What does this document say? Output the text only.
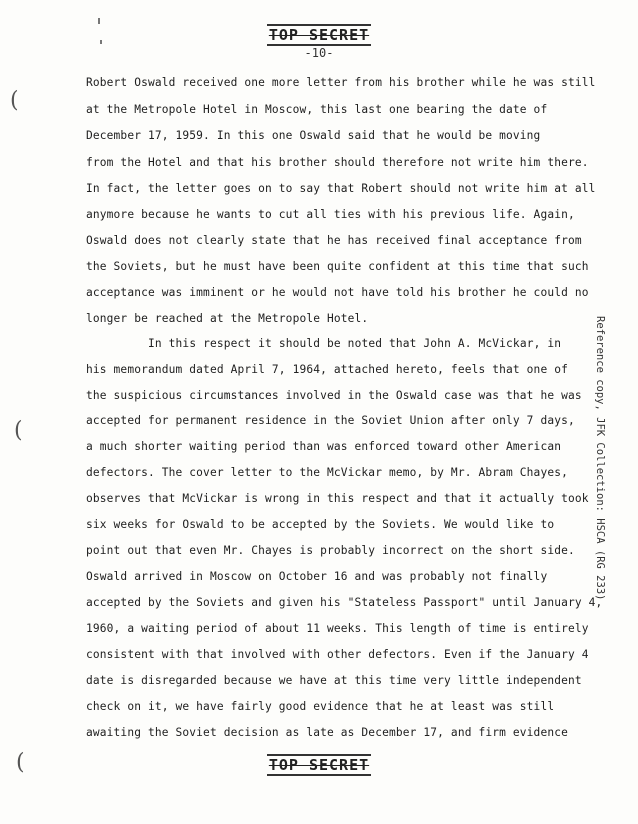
TOP SECRET
-10-
Robert Oswald received one more letter from his brother while he was still
at the Metropole Hotel in Moscow, this last one bearing the date of
December 17, 1959. In this one Oswald said that he would be moving
from the Hotel and that his brother should therefore not write him there.
In fact, the letter goes on to say that Robert should not write him at all
anymore because he wants to cut all ties with his previous life. Again,
Oswald does not clearly state that he has received final acceptance from
the Soviets, but he must have been quite confident at this time that such
acceptance was imminent or he would not have told his brother he could no
longer be reached at the Metropole Hotel.
In this respect it should be noted that John A. McVickar, in
his memorandum dated April 7, 1964, attached hereto, feels that one of
the suspicious circumstances involved in the Oswald case was that he was
accepted for permanent residence in the Soviet Union after only 7 days,
a much shorter waiting period than was enforced toward other American
defectors. The cover letter to the McVickar memo, by Mr. Abram Chayes,
observes that McVickar is wrong in this respect and that it actually took
six weeks for Oswald to be accepted by the Soviets. We would like to
point out that even Mr. Chayes is probably incorrect on the short side.
Oswald arrived in Moscow on October 16 and was probably not finally
accepted by the Soviets and given his "Stateless Passport" until January 4,
1960, a waiting period of about 11 weeks. This length of time is entirely
consistent with that involved with other defectors. Even if the January 4
date is disregarded because we have at this time very little independent
check on it, we have fairly good evidence that he at least was still
awaiting the Soviet decision as late as December 17, and firm evidence
TOP SECRET
Reference copy, JFK Collection: HSCA (RG 233)
(
(
(
